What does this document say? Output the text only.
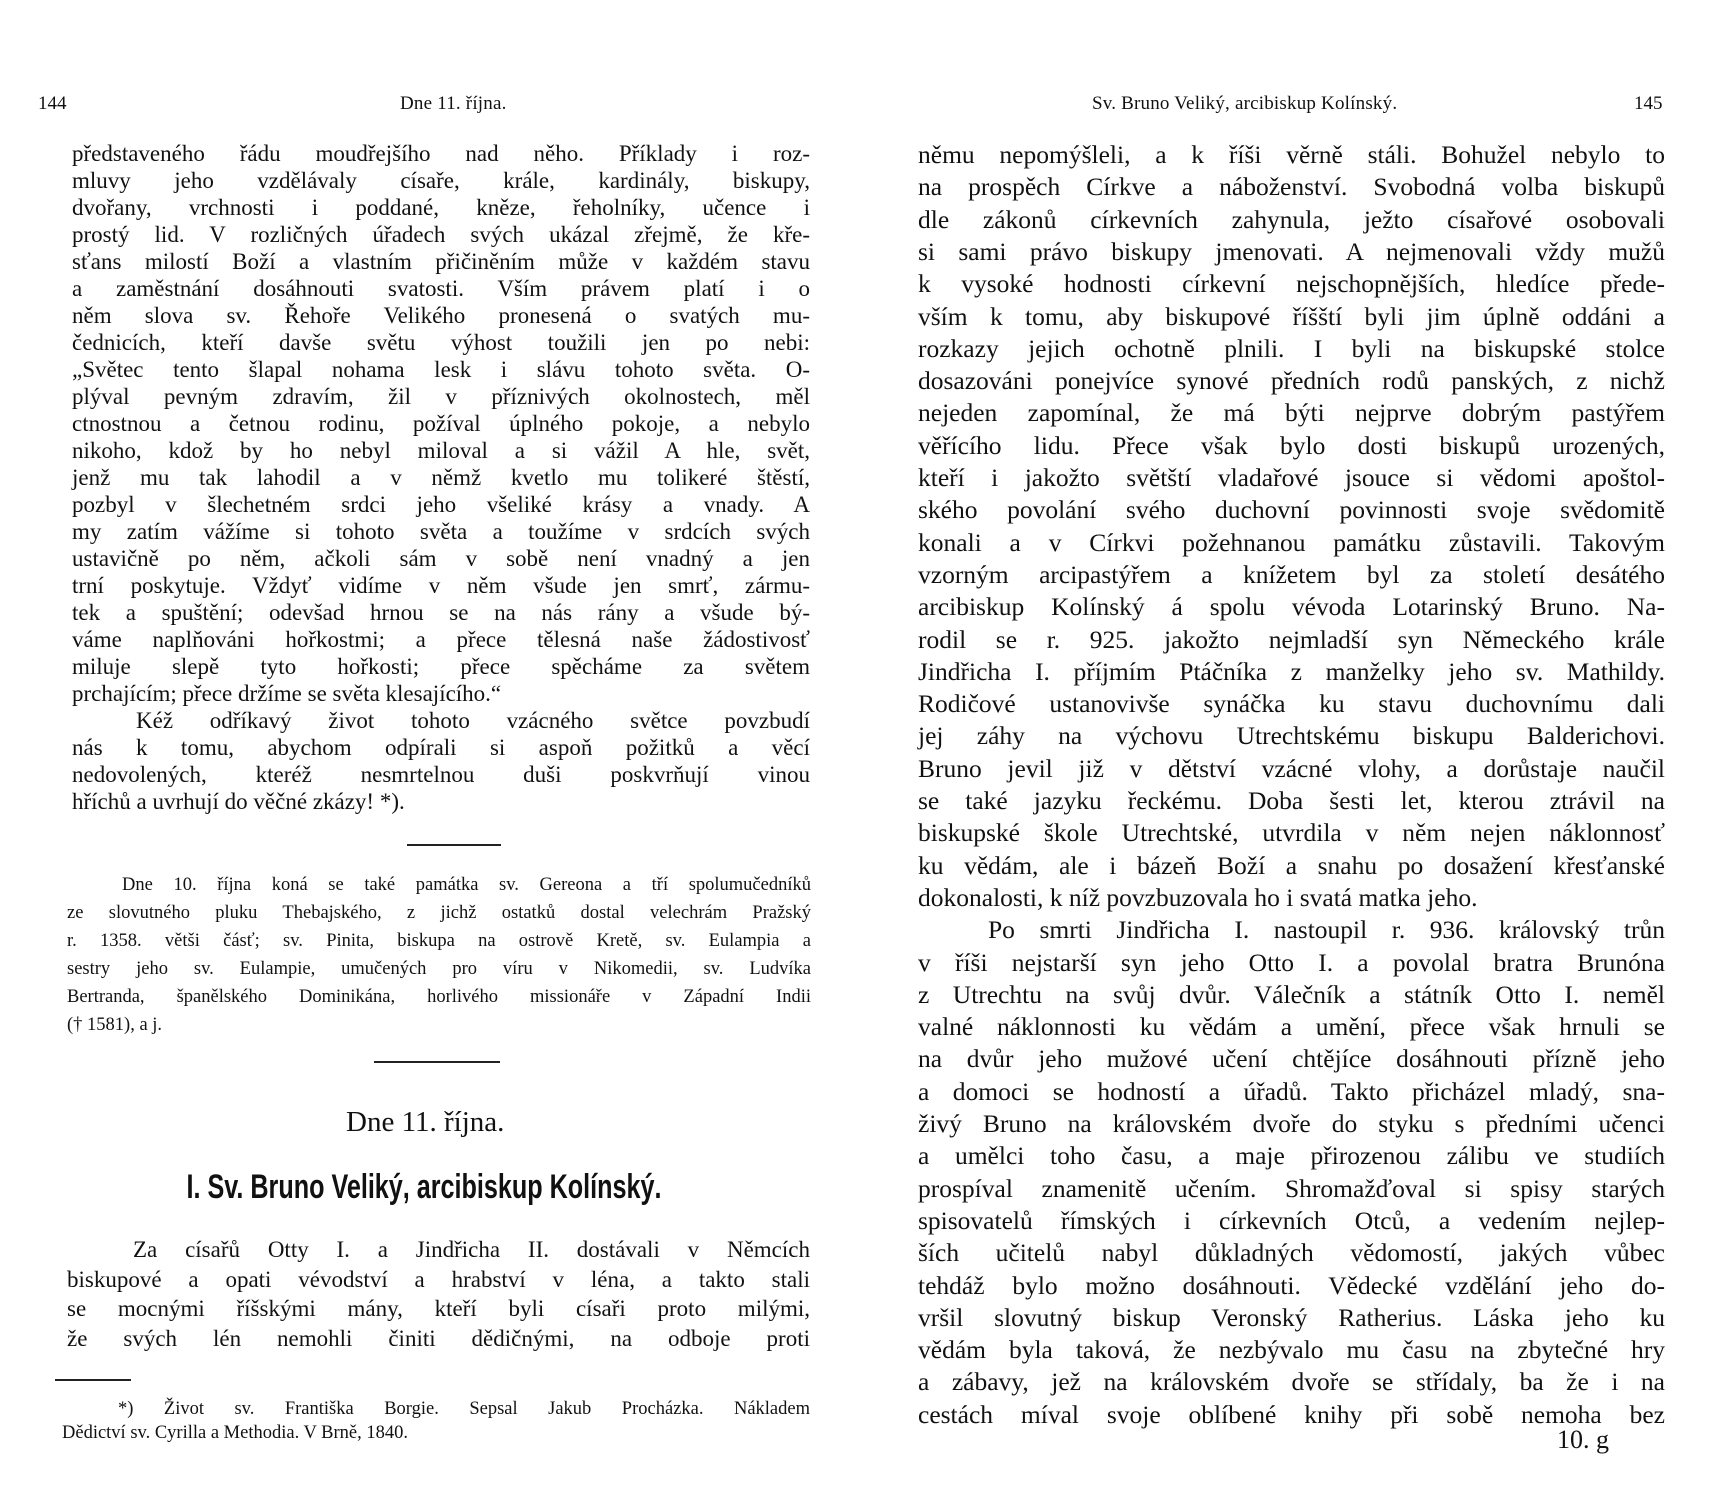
144	Dne 11. října.
představeného řádu moudřejšího nad něho. Příklady i roz-
mluvy jeho vzdělávaly císaře, krále, kardinály, biskupy,
dvořany, vrchnosti i poddané, kněze, řeholníky, učence i
prostý lid. V rozličných úřadech svých ukázal zřejmě, že kře-
sťans milostí Boží a vlastním přičiněním může v každém stavu
a zaměstnání dosáhnouti svatosti. Vším právem platí i o
něm slova sv. Řehoře Velikého pronesená o svatých mu-
čednicích, kteří davše světu výhost toužili jen po nebi:
„Světec tento šlapal nohama lesk i slávu tohoto světa. O-
plýval pevným zdravím, žil v příznivých okolnostech, měl
ctnostnou a četnou rodinu, požíval úplného pokoje, a nebylo
nikoho, kdož by ho nebyl miloval a si vážil A hle, svět,
jenž mu tak lahodil a v němž kvetlo mu tolikeré štěstí,
pozbyl v šlechetném srdci jeho všeliké krásy a vnady. A
my zatím vážíme si tohoto světa a toužíme v srdcích svých
ustavičně po něm, ačkoli sám v sobě není vnadný a jen
trní poskytuje. Vždyť vidíme v něm všude jen smrť, zármu-
tek a spuštění; odevšad hrnou se na nás rány a všude bý-
váme naplňováni hořkostmi; a přece tělesná naše žádostivosť
miluje slepě tyto hořkosti; přece spěcháme za světem
prchajícím; přece držíme se světa klesajícího.“
Kéž odříkavý život tohoto vzácného světce povzbudí
nás k tomu, abychom odpírali si aspoň požitků a věcí
nedovolených, kteréž nesmrtelnou duši poskvrňují vinou
hříchů a uvrhují do věčné zkázy! *).
Dne 10. října koná se také památka sv. Gereona a tří spolumučedníků
ze slovutného pluku Thebajského, z jichž ostatků dostal velechrám Pražský
r. 1358. větši čásť; sv. Pinita, biskupa na ostrově Kretě, sv. Eulampia a
sestry jeho sv. Eulampie, umučených pro víru v Nikomedii, sv. Ludvíka
Bertranda, španělského Dominikána, horlivého missionáře v Západní Indii
(† 1581), a j.
Dne 11. října.
I. Sv. Bruno Veliký, arcibiskup Kolínský.
Za císařů Otty I. a Jindřicha II. dostávali v Němcích
biskupové a opati vévodství a hrabství v léna, a takto stali
se mocnými říšskými mány, kteří byli císaři proto milými,
že svých lén nemohli činiti dědičnými, na odboje proti
*) Život sv. Františka Borgie. Sepsal Jakub Procházka. Nákladem
Dědictví sv. Cyrilla a Methodia. V Brně, 1840.
Sv. Bruno Veliký, arcibiskup Kolínský.	145
němu nepomýšleli, a k říši věrně stáli. Bohužel nebylo to
na prospěch Církve a náboženství. Svobodná volba biskupů
dle zákonů církevních zahynula, ježto císařové osobovali
si sami právo biskupy jmenovati. A nejmenovali vždy mužů
k vysoké hodnosti církevní nejschopnějších, hledíce přede-
vším k tomu, aby biskupové říšští byli jim úplně oddáni a
rozkazy jejich ochotně plnili. I byli na biskupské stolce
dosazováni ponejvíce synové předních rodů panských, z nichž
nejeden zapomínal, že má býti nejprve dobrým pastýřem
věřícího lidu. Přece však bylo dosti biskupů urozených,
kteří i jakožto světští vladařové jsouce si vědomi apoštol-
ského povolání svého duchovní povinnosti svoje svědomitě
konali a v Církvi požehnanou památku zůstavili. Takovým
vzorným arcipastýřem a knížetem byl za století desátého
arcibiskup Kolínský á spolu vévoda Lotarinský Bruno. Na-
rodil se r. 925. jakožto nejmladší syn Německého krále
Jindřicha I. příjmím Ptáčníka z manželky jeho sv. Mathildy.
Rodičové ustanovivše synáčka ku stavu duchovnímu dali
jej záhy na výchovu Utrechtskému biskupu Balderichovi.
Bruno jevil již v dětství vzácné vlohy, a dorůstaje naučil
se také jazyku řeckému. Doba šesti let, kterou ztrávil na
biskupské škole Utrechtské, utvrdila v něm nejen náklonnosť
ku vědám, ale i bázeň Boží a snahu po dosažení křesťanské
dokonalosti, k níž povzbuzovala ho i svatá matka jeho.
Po smrti Jindřicha I. nastoupil r. 936. královský trůn
v říši nejstarší syn jeho Otto I. a povolal bratra Brunóna
z Utrechtu na svůj dvůr. Válečník a státník Otto I. neměl
valné náklonnosti ku vědám a umění, přece však hrnuli se
na dvůr jeho mužové učení chtějíce dosáhnouti přízně jeho
a domoci se hodností a úřadů. Takto přicházel mladý, sna-
živý Bruno na královském dvoře do styku s předními učenci
a umělci toho času, a maje přirozenou zálibu ve studiích
prospíval znamenitě učením. Shromažďoval si spisy starých
spisovatelů římských i církevních Otců, a vedením nejlep-
ších učitelů nabyl důkladných vědomostí, jakých vůbec
tehdáž bylo možno dosáhnouti. Vědecké vzdělání jeho do-
vršil slovutný biskup Veronský Ratherius. Láska jeho ku
vědám byla taková, že nezbývalo mu času na zbytečné hry
a zábavy, jež na královském dvoře se střídaly, ba že i na
cestách míval svoje oblíbené knihy při sobě nemoha bez
10. g
